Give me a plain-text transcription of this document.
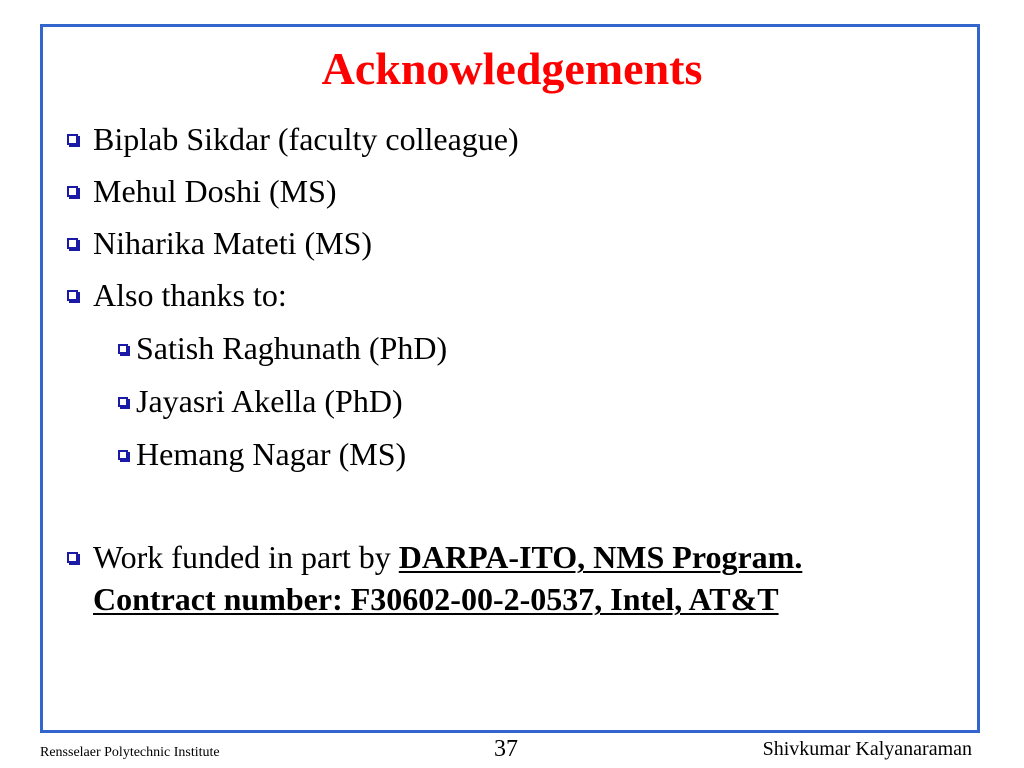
Acknowledgements
Biplab Sikdar (faculty colleague)
Mehul Doshi (MS)
Niharika Mateti (MS)
Also thanks to:
Satish Raghunath (PhD)
Jayasri Akella (PhD)
Hemang Nagar (MS)
Work funded in part by DARPA-ITO, NMS Program. Contract number: F30602-00-2-0537, Intel, AT&T
Rensselaer Polytechnic Institute	37	Shivkumar Kalyanaraman
